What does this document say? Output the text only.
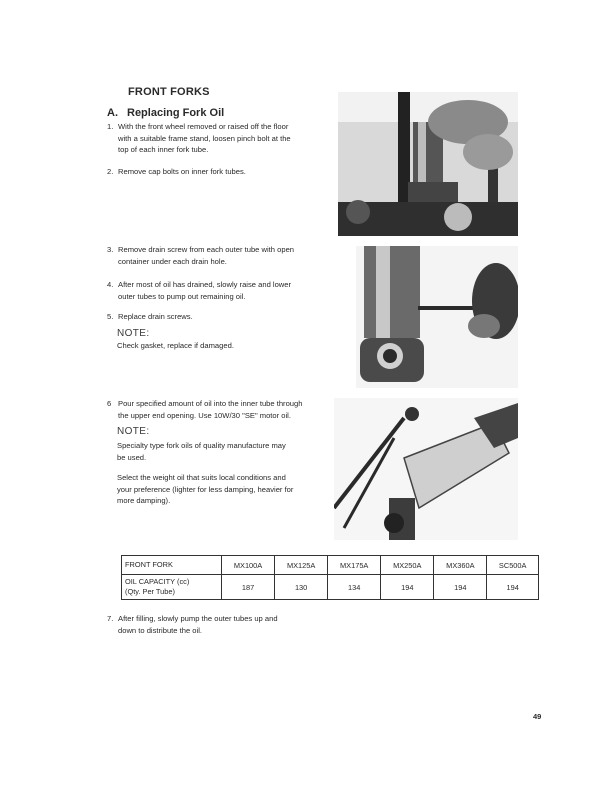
FRONT FORKS
A. Replacing Fork Oil
1. With the front wheel removed or raised off the floor
with a suitable frame stand, loosen pinch bolt at the
top of each inner fork tube.
2. Remove cap bolts on inner fork tubes.
3. Remove drain screw from each outer tube with open
container under each drain hole.
4. After most of oil has drained, slowly raise and lower
outer tubes to pump out remaining oil.
5. Replace drain screws.
NOTE:
Check gasket, replace if damaged.
6 Pour specified amount of oil into the inner tube through
the upper end opening. Use 10W/30 "SE" motor oil.
NOTE:
Specialty type fork oils of quality manufacture may
be used.
Select the weight oil that suits local conditions and
your preference (lighter for less damping, heavier for
more damping).
FRONT FORK	MX100A	MX125A	MX175A	MX250A	MX360A	SC500A

OIL CAPACITY (cc)
(Qty. Per Tube)	187	130	134	194	194	194
7. After filling, slowly pump the outer tubes up and
down to distribute the oil.
49
